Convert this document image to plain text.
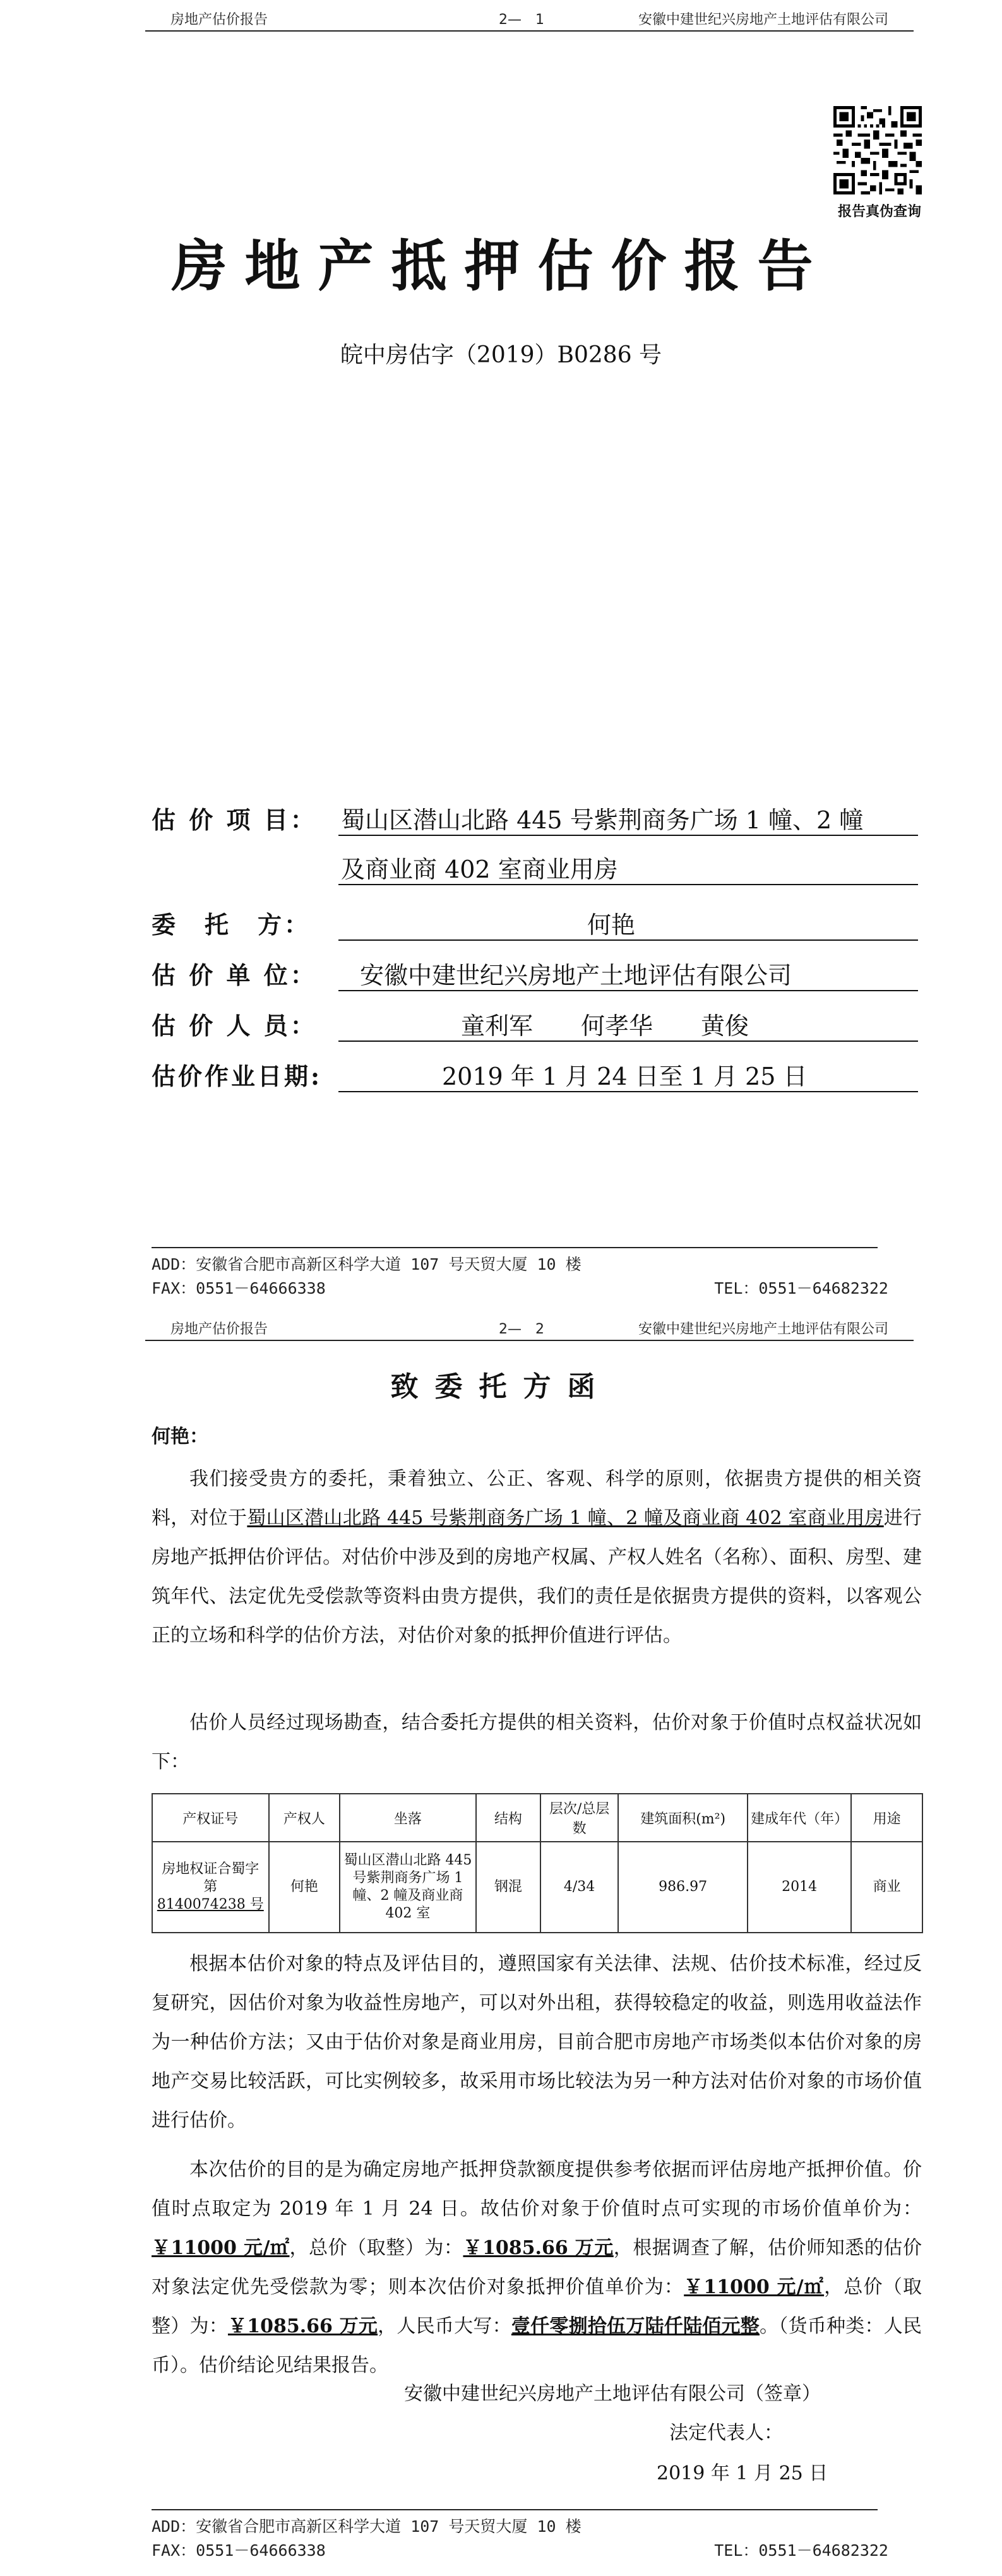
房地产估价报告	2—　1	安徽中建世纪兴房地产土地评估有限公司
报告真伪查询
房地产抵押估价报告
皖中房估字（2019）B0286 号
估 价 项 目： 蜀山区潜山北路 445 号紫荆商务广场 1 幢、2 幢
及商业商 402 室商业用房
委　托　方：	何艳
估 价 单 位： 安徽中建世纪兴房地产土地评估有限公司
估 价 人 员：	童利军　　何孝华　　黄俊
估价作业日期:	2019 年 1 月 24 日至 1 月 25 日
ADD：安徽省合肥市高新区科学大道 107 号天贸大厦 10 楼
FAX：0551－64666338	TEL：0551－64682322
房地产估价报告	2—　2	安徽中建世纪兴房地产土地评估有限公司
致委托方函
何艳：
我们接受贵方的委托，秉着独立、公正、客观、科学的原则，依据贵方提供的相关资料，对位于蜀山区潜山北路 445 号紫荆商务广场 1 幢、2 幢及商业商 402 室商业用房进行房地产抵押估价评估。对估价中涉及到的房地产权属、产权人姓名（名称）、面积、房型、建筑年代、法定优先受偿款等资料由贵方提供，我们的责任是依据贵方提供的资料，以客观公正的立场和科学的估价方法，对估价对象的抵押价值进行评估。
估价人员经过现场勘查，结合委托方提供的相关资料，估价对象于价值时点权益状况如下：
产权证号	产权人	坐落	结构	层次/总层数	建筑面积(m²)	建成年代（年）	用途
房地权证合蜀字第
8140074238 号	何艳	蜀山区潜山北路 445 号紫荆商务广场 1 幢、2 幢及商业商 402 室	钢混	4/34	986.97	2014	商业
根据本估价对象的特点及评估目的，遵照国家有关法律、法规、估价技术标准，经过反复研究，因估价对象为收益性房地产，可以对外出租，获得较稳定的收益，则选用收益法作为一种估价方法；又由于估价对象是商业用房，目前合肥市房地产市场类似本估价对象的房地产交易比较活跃，可比实例较多，故采用市场比较法为另一种方法对估价对象的市场价值进行估价。
本次估价的目的是为确定房地产抵押贷款额度提供参考依据而评估房地产抵押价值。价值时点取定为 2019 年 1 月 24 日。故估价对象于价值时点可实现的市场价值单价为：￥11000 元/㎡，总价（取整）为：￥1085.66 万元，根据调查了解，估价师知悉的估价对象法定优先受偿款为零；则本次估价对象抵押价值单价为：￥11000 元/㎡，总价（取整）为：￥1085.66 万元，人民币大写：壹仟零捌拾伍万陆仟陆佰元整。（货币种类：人民币）。估价结论见结果报告。
安徽中建世纪兴房地产土地评估有限公司（签章）
法定代表人：
2019 年 1 月 25 日
ADD：安徽省合肥市高新区科学大道 107 号天贸大厦 10 楼
FAX：0551－64666338	TEL：0551－64682322
